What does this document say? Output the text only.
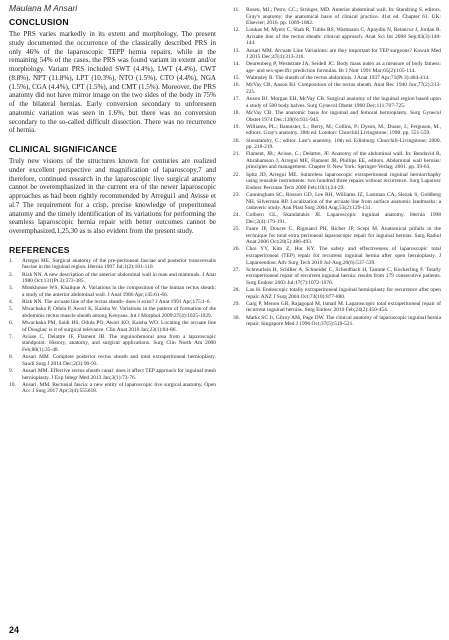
Maulana M Ansari
CONCLUSION

The PRS varies markedly in its extent and morphology. The present study documented the occurrence of the classically described PRS in only 46% of the laparoscopic TEPP hernia repairs, while in the remaining 54% of the cases, the PRS was found variant in extent and/or morphology. Variant PRS included SWT (4.4%), LWT (4.4%), CWT (8.8%), NPT (11.8%), LPT (10.3%), NTO (1.5%), CTO (4.4%), NGA (1.5%), CGA (4.4%), CPT (1.5%), and CMT (1.5%). Moreover, the PRS anatomy did not have mirror image on the two sides of the body in 75% of the bilateral hernias. Early conversion secondary to unforeseen anatomic variation was seen in 1.6%, but there was no conversion secondary to the so-called difficult dissection. There was no recurrence of hernia.

CLINICAL SIGNIFICANCE

Truly new visions of the structures known for centuries are realized under excellent perspective and magnification of laparoscopy,7 and therefore, continued research in the laparoscopic live surgical anatomy cannot be overemphasized in the current era of the newer laparoscopic approaches as had been rightly recommended by Arregui1 and Avisse et al.7 The requirement for a crisp, precise knowledge of preperitoneal anatomy and the timely identification of its variations for performing the seamless laparoscopic hernia repair with better outcomes cannot be overemphasized,1,25,30 as is also evident from the present study.

REFERENCES
1.	Arregui ME. Surgical anatomy of the pre-peritoneal fasciae and posterior transversalis fasciae in the inguinal region. Hernia 1997 Jul;1(2):101-110.
2.	Rizk NN. A new description of the anterior abdominal wall in man and mammals. J Anat 1980 Oct;131(Pt 3):373-385.
3.	Monkhouse WS, Khalique A. Variations in the composition of the human rectus sheath: a study of the anterior abdominal wall. J Anat 1986 Apr;145:61-66.
4.	Rizk NN. The arcuate line of the rectus sheath- does it exist? J Anat 1991 Apr;175:1-6.
5.	Mwachaka P, Odula P, Awori K, Kaisha W. Variations in the pattern of formation of the abdominis rectus muscle sheath among Kenyans. Int J Morphol 2009;27(4):1025-1029.
6.	Mwachaka PM, Saidi HS, Odula PO, Awori KO, Kaisha WO. Locating the arcuate line of Douglas: is it of surgical relevance. Clin Anat 2010 Jan;23(1):84-86.
7.	Avisse C, Delattre JF, Flament JB. The inguinofemoral area from a laparoscopic standpoint. History, anatomy, and surgical applications. Surg Clin North Am 2000 Feb;80(1):35-48.
8.	Ansari MM. Complete posterior rectus sheath and total extraperitoneal hernioplasty. Saudi Surg J 2014 Dec;2(3):90-93.
9.	Ansari MM. Effective rectus sheath canal: does it affect TEP approach for inguinal mesh hernioplasty. J Exp Integr Med 2013 Jan;3(1):73-76.
10.	Ansari, MM. Rectusial fascia: a new entity of laparoscopic live surgical anatomy. Open Acc J Surg 2017 Apr;3(4):555618.
11.	Rosen, MJ.; Petro, CC.; Stringer, MD. Anterior abdominal wall. In: Standring S, editors. Gray's anatomy: the anatomical basis of clinical practice. 41st ed. Chapter 61. UK: Elsevier; 2016. pp. 1069-1082.
12.	Loukas M, Myers C, Shah R, Tubbs RS, Wartmann C, Apaydin N, Betancor J, Jordan R. Arcuate line of the rectus sheath: clinical approach. Anat Sci Int 2008 Sep;83(3):140-144.
13.	Ansari MM. Arcuate Line Variations: are they important for TEP surgeons? Kuwait Med J 2015 Dec;47(4):313-316.
14.	Deurenberg P, Weststrate JA, Seidell JC. Body mass index as a measure of body fatness: age- and sex-specific prediction formulas. Br J Nutr 1991 Mar;65(2):105-114.
15.	Walmsley R. The sheath of the rectus abdominis. J Anat 1937 Apr;71(Pt 3):404-414.
16.	McVay CB, Anson BJ. Composition of the rectus sheath. Anat Rec 1940 Jun;77(2):213-225.
17.	Anson BJ, Morgan EH, McVay CB. Surgical anatomy of the inguinal region based upon a study of 500 body halves. Surg Gynecol Obstet 1960 Dec;111:707-725.
18.	McVay CB. The anatomic basis for inguinal and femoral hernioplasty. Surg Gynecol Obstet 1974 Dec;139(6):931-945.
19.	Williams, PL.; Bannister, L.; Berry, M.; Collins, P.; Dyson, M.; Dusse, J.; Ferguson, M., editors. Gray's anatomy. 38th ed. London: Churchill Livingstone; 1998. pp. 551-559.
20.	Sinnatamby, C.; editor. Last's anatomy. 10th ed. Edinburg: Churchill-Livingstone; 2000. pp. 218-219.
21.	Flament, JB.; Avisse, C.; Delattre, JF. Anatomy of the abdominal wall. In: Bendavid R, Abrahamson J, Arregui ME, Flament JB, Phillips EE, editors. Abdominal wall hernias: principles and management. Chapter 8. New York: Springer-Verlag; 2001. pp. 39-63.
22.	Spitz JD, Arregui ME. Sutureless laparoscopic extraperitoneal inguinal herniorrhaphy using reusable instruments: two hundred three repairs without recurrence. Surg Laparosc Endosc Percutan Tech 2000 Feb;10(1):24-29.
23.	Cunningham SC, Rosson GD, Lee RH, Williams JZ, Lustman CA, Slezak S, Goldberg NH, Silverman RP. Localization of the arcuate line from surface anatomic landmarks: a cadaveric study. Ann Plast Surg 2004 Aug;53(2):129-131.
24.	Colborn GL, Skandalakis JE. Laparoscopic inguinal anatomy. Hernia 1998 Dec;2(4):179-191.
25.	Faure JP, Doucet C, Rigouard PH, Richer JP, Scepi M. Anatomical pitfalls in the technique for total extra peritoneal laparoscopic repair for inguinal hernias. Surg Radiol Anat 2006 Oct;28(5):486-493.
26.	Choi YY, Kim Z, Hur KY. The safety and effectiveness of laparoscopic total extraperitoneal (TEP) repair for recurrent inguinal hernia after open hernioplasty. J Laparoendosc Adv Surg Tech 2010 Jul-Aug;20(6):537-539.
27.	Schreurlein H, Schiller A, Schneider C, Scheidbach H, Tamme C, Kockerling F. Totally extraperitoneal repair of recurrent inguinal hernia: results from 179 consecutive patients. Surg Endosc 2003 Jul;17(7):1072-1076.
28.	Lau H. Endoscopic totally extraperitoneal inguinal hernioplasty for recurrence after open repair. ANZ J Surg 2004 Oct;74(10):877-880.
29.	Garg P, Menon GR, Rajagopal M, Ismail M. Laparoscopic total extraperitoneal repair of recurrent inguinal hernias. Surg Endosc 2010 Feb;24(2):450-454.
30.	Marks SC Jr, Gilroy AM, Page DW. The clinical anatomy of laparoscopic inguinal hernia repair. Singapore Med J 1996 Oct;37(5):519-521.
24
